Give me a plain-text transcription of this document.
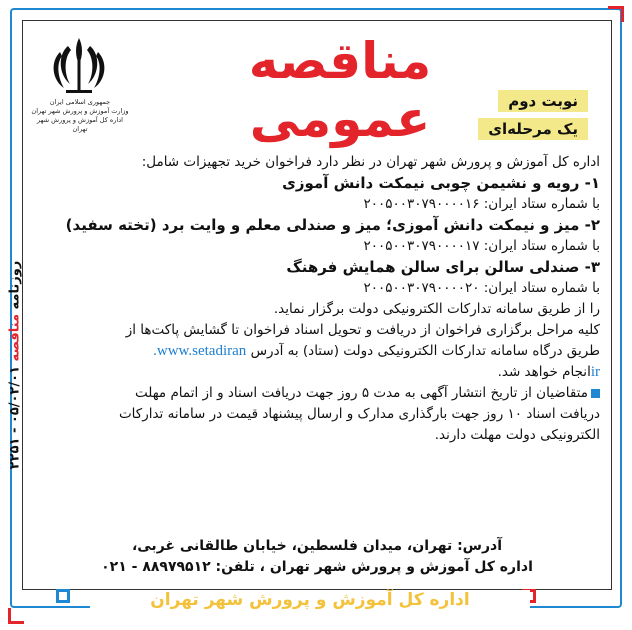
جمهوری اسلامی ایران
وزارت آموزش و پرورش شهر تهران
اداره کل آموزش و پرورش شهر تهران
مناقصه عمومی	نوبت دوم
یک مرحله‌ای
روزنامه مناقصه ۰۵/۰۲/۰۱ - ۲۲۵۱
اداره کل آموزش و پرورش شهر تهران در نظر دارد فراخوان خرید تجهیزات شامل:
۱- رویه و نشیمن چوبی نیمکت دانش آموزی
با شماره ستاد ایران: ۲۰۰۵۰۰۳۰۷۹۰۰۰۰۱۶
۲- میز و نیمکت دانش آموزی؛ میز و صندلی معلم و وایت برد (تخته سفید)
با شماره ستاد ایران: ۲۰۰۵۰۰۳۰۷۹۰۰۰۰۱۷
۳- صندلی سالن برای سالن همایش فرهنگ
با شماره ستاد ایران: ۲۰۰۵۰۰۳۰۷۹۰۰۰۰۲۰
را از طریق سامانه تدارکات الکترونیکی دولت برگزار نماید.
کلیه مراحل برگزاری فراخوان از دریافت و تحویل اسناد فراخوان تا گشایش پاکت‌ها از
طریق درگاه سامانه تدارکات الکترونیکی دولت (ستاد) به آدرس www.setadiran.
irانجام خواهد شد.
متقاضیان از تاریخ انتشار آگهی به مدت ۵ روز جهت دریافت اسناد و از اتمام مهلت
دریافت اسناد ۱۰ روز جهت بارگذاری مدارک و ارسال پیشنهاد قیمت در سامانه تدارکات
الکترونیکی دولت مهلت دارند.
آدرس: تهران، میدان فلسطین، خیابان طالقانی غربی،
اداره کل آموزش و پرورش شهر تهران ، تلفن: ۸۸۹۷۹۵۱۲ - ۰۲۱
اداره کل آموزش و پرورش شهر تهران
